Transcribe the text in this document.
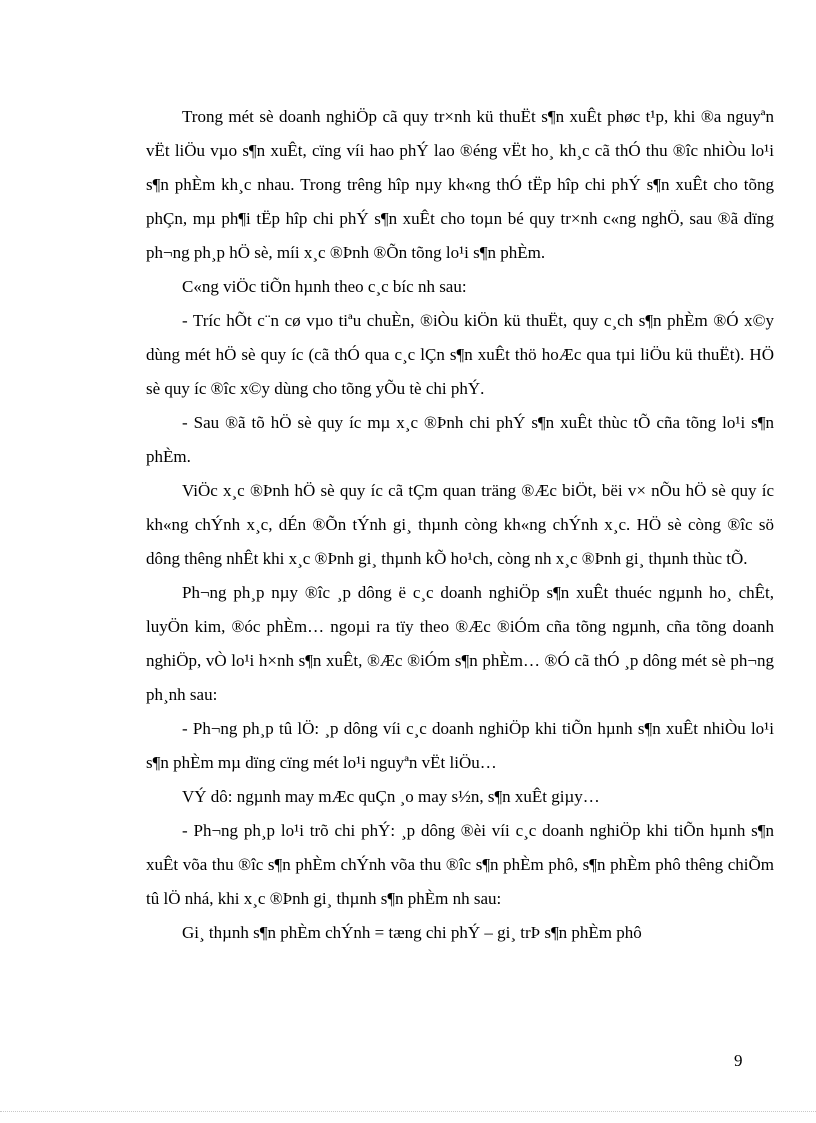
Trong mét sè doanh nghiÖp cã quy tr×nh kü thuËt s¶n xuÊt phøc t¹p, khi ®a nguyªn vËt liÖu vµo s¶n xuÊt, cïng víi hao phÝ lao ®éng vËt ho¸ kh¸c cã thÓ thu ®îc nhiÒu lo¹i s¶n phÈm kh¸c nhau. Trong trêng hîp nµy kh«ng thÓ tËp hîp chi phÝ s¶n xuÊt cho tõng phÇn, mµ ph¶i tËp hîp chi phÝ s¶n xuÊt cho toµn bé quy tr×nh c«ng nghÖ, sau ®ã dïng ph¬ng ph¸p hÖ sè, míi x¸c ®Þnh ®Õn tõng lo¹i s¶n phÈm.

C«ng viÖc tiÕn hµnh theo c¸c bíc nh sau:

- Tríc hÕt c¨n cø vµo tiªu chuÈn, ®iÒu kiÖn kü thuËt, quy c¸ch s¶n phÈm ®Ó x©y dùng mét hÖ sè quy íc (cã thÓ qua c¸c lÇn s¶n xuÊt thö hoÆc qua tµi liÖu kü thuËt). HÖ sè quy íc ®îc x©y dùng cho tõng yÕu tè chi phÝ.

- Sau ®ã tõ hÖ sè quy íc mµ x¸c ®Þnh chi phÝ s¶n xuÊt thùc tÕ cña tõng lo¹i s¶n phÈm.

ViÖc x¸c ®Þnh hÖ sè quy íc cã tÇm quan träng ®Æc biÖt, bëi v× nÕu hÖ sè quy íc kh«ng chÝnh x¸c, dÉn ®Õn tÝnh gi¸ thµnh còng kh«ng chÝnh x¸c. HÖ sè còng ®îc sö dông thêng nhÊt khi x¸c ®Þnh gi¸ thµnh kÕ ho¹ch, còng nh x¸c ®Þnh gi¸ thµnh thùc tÕ.

Ph¬ng ph¸p nµy ®îc ¸p dông ë c¸c doanh nghiÖp s¶n xuÊt thuéc ngµnh ho¸ chÊt, luyÖn kim, ®óc phÈm… ngoµi ra tïy theo ®Æc ®iÓm cña tõng ngµnh, cña tõng doanh nghiÖp, vÒ lo¹i h×nh s¶n xuÊt, ®Æc ®iÓm s¶n phÈm… ®Ó cã thÓ ¸p dông mét sè ph¬ng ph¸nh sau:

- Ph¬ng ph¸p tû lÖ: ¸p dông víi c¸c doanh nghiÖp khi tiÕn hµnh s¶n xuÊt nhiÒu lo¹i s¶n phÈm mµ dïng cïng mét lo¹i nguyªn vËt liÖu…

VÝ dô: ngµnh may mÆc quÇn ¸o may s½n, s¶n xuÊt giµy…

- Ph¬ng ph¸p lo¹i trõ chi phÝ: ¸p dông ®èi víi c¸c doanh nghiÖp khi tiÕn hµnh s¶n xuÊt võa thu ®îc s¶n phÈm chÝnh võa thu ®îc s¶n phÈm phô, s¶n phÈm phô thêng chiÕm tû lÖ nhá, khi x¸c ®Þnh gi¸ thµnh s¶n phÈm nh sau:

Gi¸ thµnh s¶n phÈm chÝnh = tæng chi phÝ – gi¸ trÞ s¶n phÈm phô

9
